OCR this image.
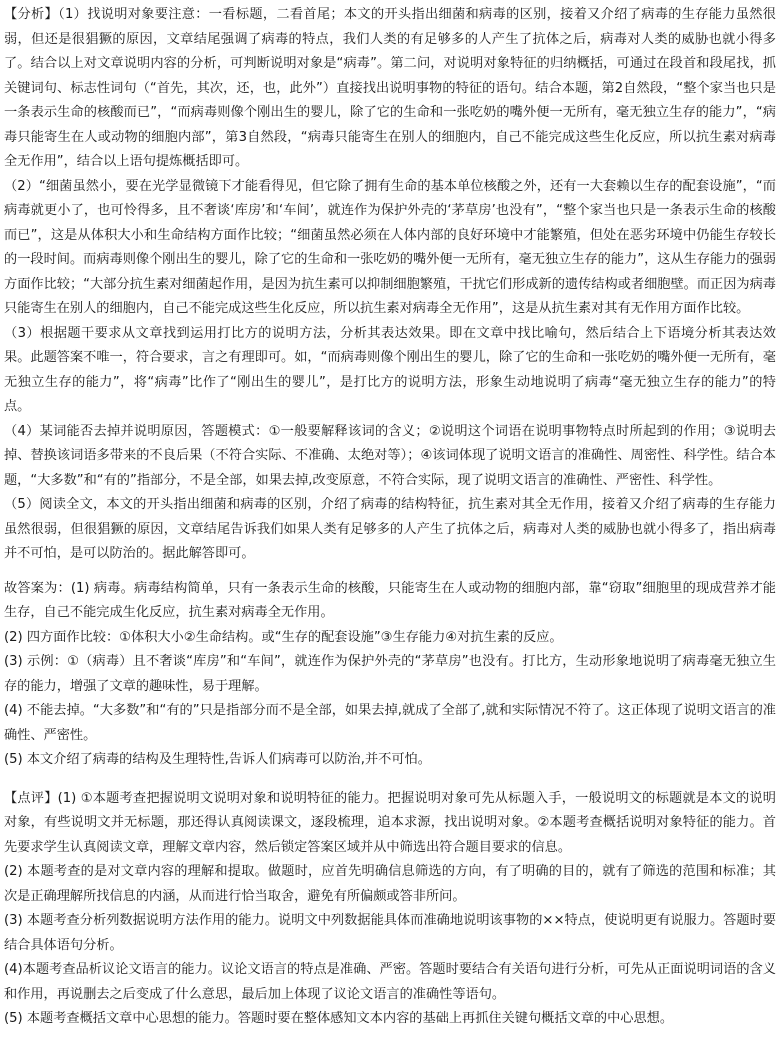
【分析】（1）找说明对象要注意：一看标题，二看首尾；本文的开头指出细菌和病毒的区别，接着又介绍了病毒的生存能力虽然很弱，但还是很猖獗的原因，文章结尾强调了病毒的特点，我们人类的有足够多的人产生了抗体之后，病毒对人类的威胁也就小得多了。结合以上对文章说明内容的分析，可判断说明对象是“病毒”。第二问，对说明对象特征的归纳概括，可通过在段首和段尾找，抓关键词句、标志性词句（“首先，其次，还，也，此外”）直接找出说明事物的特征的语句。结合本题，第2自然段，“整个家当也只是一条表示生命的核酸而已”，“而病毒则像个刚出生的婴儿，除了它的生命和一张吃奶的嘴外便一无所有，毫无独立生存的能力”，“病毒只能寄生在人或动物的细胞内部”，第3自然段，“病毒只能寄生在别人的细胞内，自己不能完成这些生化反应，所以抗生素对病毒全无作用”，结合以上语句提炼概括即可。

（2）“细菌虽然小，要在光学显微镜下才能看得见，但它除了拥有生命的基本单位核酸之外，还有一大套赖以生存的配套设施”，“而病毒就更小了，也可怜得多，且不奢谈‘库房’和‘车间’，就连作为保护外壳的‘茅草房’也没有”，“整个家当也只是一条表示生命的核酸而已”，这是从体积大小和生命结构方面作比较；“细菌虽然必须在人体内部的良好环境中才能繁殖，但处在恶劣环境中仍能生存较长的一段时间。而病毒则像个刚出生的婴儿，除了它的生命和一张吃奶的嘴外便一无所有，毫无独立生存的能力”，这从生存能力的强弱方面作比较；“大部分抗生素对细菌起作用，是因为抗生素可以抑制细胞繁殖，干扰它们形成新的遗传结构或者细胞壁。而正因为病毒只能寄生在别人的细胞内，自己不能完成这些生化反应，所以抗生素对病毒全无作用”，这是从抗生素对其有无作用方面作比较。

（3）根据题干要求从文章找到运用打比方的说明方法，分析其表达效果。即在文章中找比喻句，然后结合上下语境分析其表达效果。此题答案不唯一，符合要求，言之有理即可。如，“而病毒则像个刚出生的婴儿，除了它的生命和一张吃奶的嘴外便一无所有，毫无独立生存的能力”，将“病毒”比作了“刚出生的婴儿”，是打比方的说明方法，形象生动地说明了病毒“毫无独立生存的能力”的特点。

（4）某词能否去掉并说明原因，答题模式：①一般要解释该词的含义；②说明这个词语在说明事物特点时所起到的作用；③说明去掉、替换该词语多带来的不良后果（不符合实际、不准确、太绝对等）；④该词体现了说明文语言的准确性、周密性、科学性。结合本题，“大多数”和“有的”指部分，不是全部，如果去掉,改变原意，不符合实际，现了说明文语言的准确性、严密性、科学性。

（5）阅读全文，本文的开头指出细菌和病毒的区别，介绍了病毒的结构特征，抗生素对其全无作用，接着又介绍了病毒的生存能力虽然很弱，但很猖獗的原因，文章结尾告诉我们如果人类有足够多的人产生了抗体之后，病毒对人类的威胁也就小得多了，指出病毒并不可怕，是可以防治的。据此解答即可。

故答案为：(1) 病毒。病毒结构简单，只有一条表示生命的核酸，只能寄生在人或动物的细胞内部，靠“窃取”细胞里的现成营养才能生存，自己不能完成生化反应，抗生素对病毒全无作用。

(2) 四方面作比较：①体积大小②生命结构。或“生存的配套设施”③生存能力④对抗生素的反应。

(3) 示例：①（病毒）且不奢谈“库房”和“车间”，就连作为保护外壳的“茅草房”也没有。打比方，生动形象地说明了病毒毫无独立生存的能力，增强了文章的趣味性，易于理解。

(4) 不能去掉。“大多数”和“有的”只是指部分而不是全部，如果去掉,就成了全部了,就和实际情况不符了。这正体现了说明文语言的准确性、严密性。

(5) 本文介绍了病毒的结构及生理特性,告诉人们病毒可以防治,并不可怕。

【点评】(1) ①本题考查把握说明文说明对象和说明特征的能力。把握说明对象可先从标题入手，一般说明文的标题就是本文的说明对象，有些说明文并无标题，那还得认真阅读课文，逐段梳理，追本求源，找出说明对象。②本题考查概括说明对象特征的能力。首先要求学生认真阅读文章，理解文章内容，然后锁定答案区域并从中筛选出符合题目要求的信息。

(2) 本题考查的是对文章内容的理解和提取。做题时，应首先明确信息筛选的方向，有了明确的目的，就有了筛选的范围和标准；其次是正确理解所找信息的内涵，从而进行恰当取舍，避免有所偏颇或答非所问。

(3) 本题考查分析列数据说明方法作用的能力。说明文中列数据能具体而准确地说明该事物的××特点，使说明更有说服力。答题时要结合具体语句分析。

(4)本题考查品析议论文语言的能力。议论文语言的特点是准确、严密。答题时要结合有关语句进行分析，可先从正面说明词语的含义和作用，再说删去之后变成了什么意思，最后加上体现了议论文语言的准确性等语句。

(5) 本题考查概括文章中心思想的能力。答题时要在整体感知文本内容的基础上再抓住关键句概括文章的中心思想。
